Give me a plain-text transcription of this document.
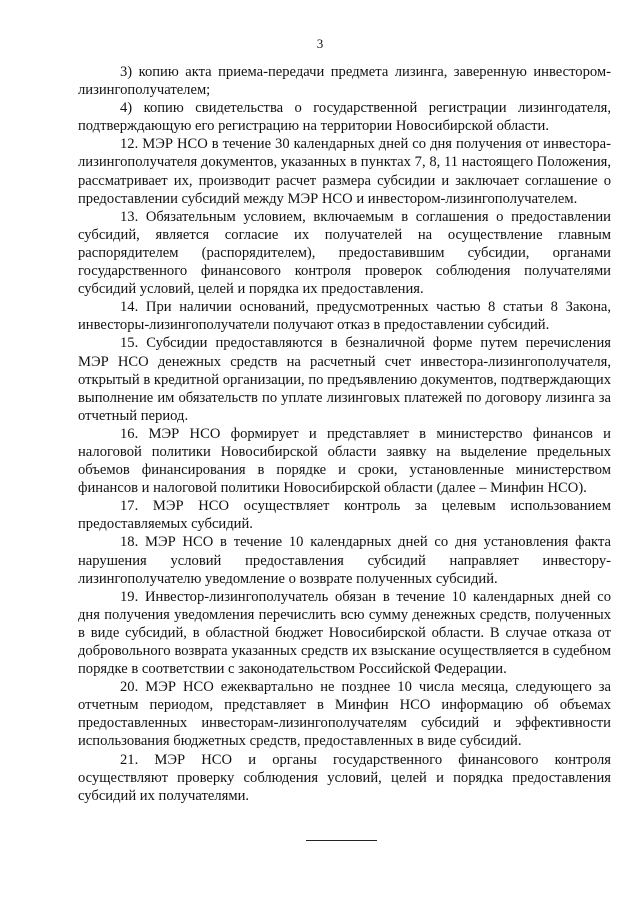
3

3) копию акта приема-передачи предмета лизинга, заверенную инвестором-лизингополучателем;

4) копию свидетельства о государственной регистрации лизингодателя, подтверждающую его регистрацию на территории Новосибирской области.

12. МЭР НСО в течение 30 календарных дней со дня получения от инвестора-лизингополучателя документов, указанных в пунктах 7, 8, 11 настоящего Положения, рассматривает их, производит расчет размера субсидии и заключает соглашение о предоставлении субсидий между МЭР НСО и инвестором-лизингополучателем.

13. Обязательным условием, включаемым в соглашения о предоставлении субсидий, является согласие их получателей на осуществление главным распорядителем (распорядителем), предоставившим субсидии, органами государственного финансового контроля проверок соблюдения получателями субсидий условий, целей и порядка их предоставления.

14. При наличии оснований, предусмотренных частью 8 статьи 8 Закона, инвесторы-лизингополучатели получают отказ в предоставлении субсидий.

15. Субсидии предоставляются в безналичной форме путем перечисления МЭР НСО денежных средств на расчетный счет инвестора-лизингополучателя, открытый в кредитной организации, по предъявлению документов, подтверждающих выполнение им обязательств по уплате лизинговых платежей по договору лизинга за отчетный период.

16. МЭР НСО формирует и представляет в министерство финансов и налоговой политики Новосибирской области заявку на выделение предельных объемов финансирования в порядке и сроки, установленные министерством финансов и налоговой политики Новосибирской области (далее – Минфин НСО).

17. МЭР НСО осуществляет контроль за целевым использованием предоставляемых субсидий.

18. МЭР НСО в течение 10 календарных дней со дня установления факта нарушения условий предоставления субсидий направляет инвестору-лизингополучателю уведомление о возврате полученных субсидий.

19. Инвестор-лизингополучатель обязан в течение 10 календарных дней со дня получения уведомления перечислить всю сумму денежных средств, полученных в виде субсидий, в областной бюджет Новосибирской области. В случае отказа от добровольного возврата указанных средств их взыскание осуществляется в судебном порядке в соответствии с законодательством Российской Федерации.

20. МЭР НСО ежеквартально не позднее 10 числа месяца, следующего за отчетным периодом, представляет в Минфин НСО информацию об объемах предоставленных инвесторам-лизингополучателям субсидий и эффективности использования бюджетных средств, предоставленных в виде субсидий.

21. МЭР НСО и органы государственного финансового контроля осуществляют проверку соблюдения условий, целей и порядка предоставления субсидий их получателями.
